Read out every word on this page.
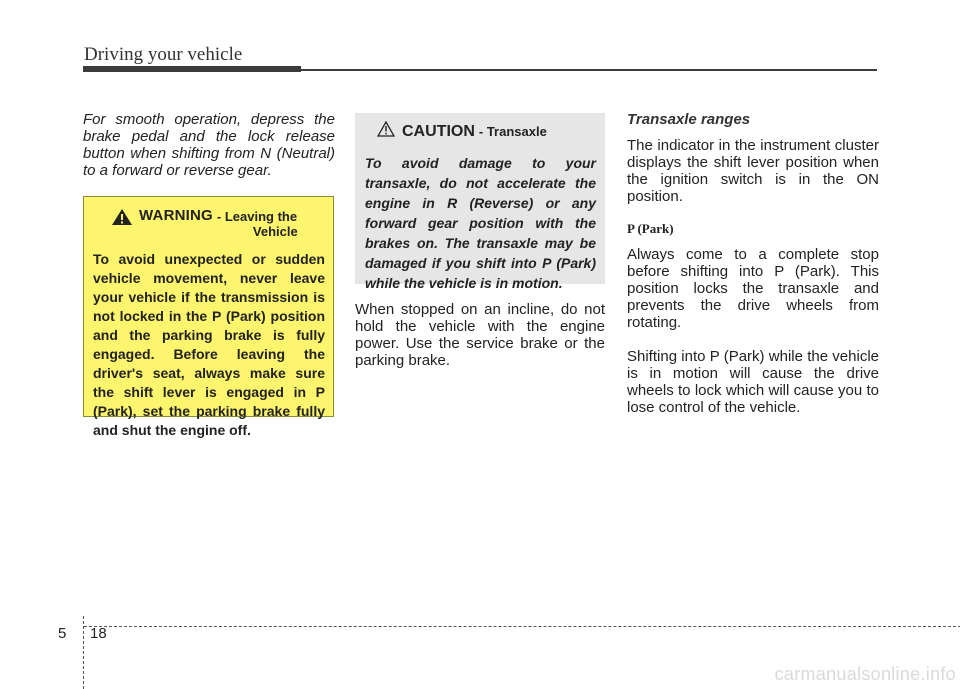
Driving your vehicle

For smooth operation, depress the brake pedal and the lock release button when shifting from N (Neutral) to a forward or reverse gear.

WARNING - Leaving the
Vehicle

To avoid unexpected or sudden vehicle movement, never leave your vehicle if the transmission is not locked in the P (Park) position and the parking brake is fully engaged. Before leaving the driver's seat, always make sure the shift lever is engaged in P (Park), set the parking brake fully and shut the engine off.

CAUTION - Transaxle

To avoid damage to your transaxle, do not accelerate the engine in R (Reverse) or any forward gear position with the brakes on. The transaxle may be damaged if you shift into P (Park) while the vehicle is in motion.

When stopped on an incline, do not hold the vehicle with the engine power. Use the service brake or the parking brake.

Transaxle ranges

The indicator in the instrument cluster displays the shift lever position when the ignition switch is in the ON position.

P (Park)

Always come to a complete stop before shifting into P (Park). This position locks the transaxle and prevents the drive wheels from rotating.

Shifting into P (Park) while the vehicle is in motion will cause the drive wheels to lock which will cause you to lose control of the vehicle.

5 18
carmanualsonline.info
